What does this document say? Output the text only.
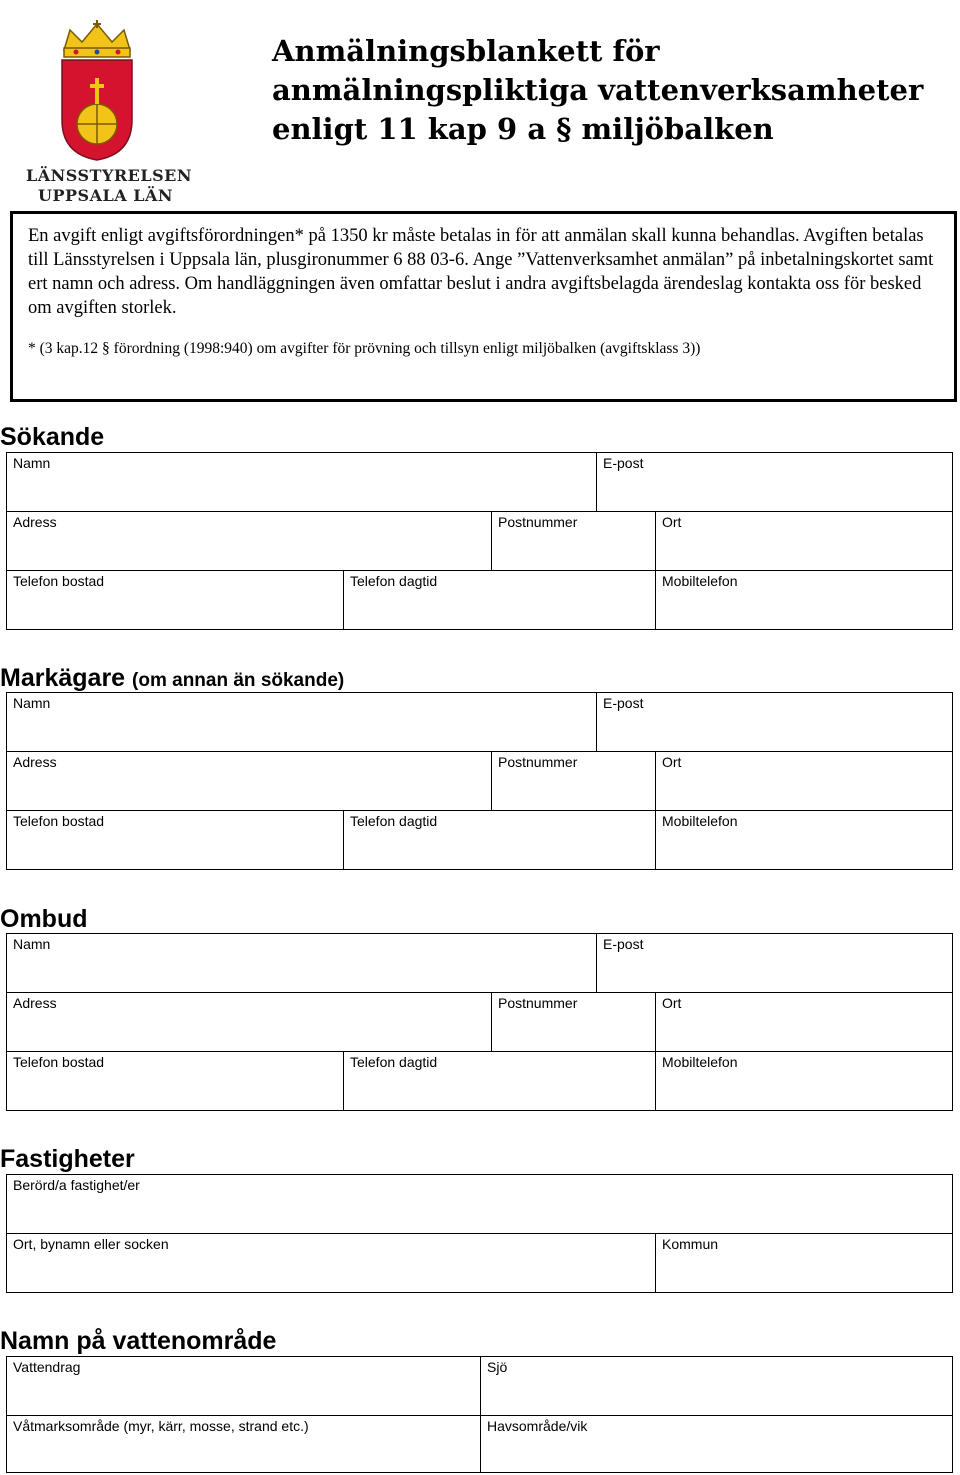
LÄNSSTYRELSEN
UPPSALA LÄN
Anmälningsblankett för anmälningspliktiga vattenverksamheter enligt 11 kap 9 a § miljöbalken

En avgift enligt avgiftsförordningen* på 1350 kr måste betalas in för att anmälan skall kunna behandlas. Avgiften betalas till Länsstyrelsen i Uppsala län, plusgironummer 6 88 03-6. Ange ”Vattenverksamhet anmälan” på inbetalningskortet samt ert namn och adress. Om handläggningen även omfattar beslut i andra avgiftsbelagda ärendeslag kontakta oss för besked om avgiften storlek.

* (3 kap.12 § förordning (1998:940) om avgifter för prövning och tillsyn enligt miljöbalken (avgiftsklass 3))

Sökande
Namn	E-post
Adress	Postnummer	Ort
Telefon bostad	Telefon dagtid	Mobiltelefon
Markägare (om annan än sökande)
Namn	E-post
Adress	Postnummer	Ort
Telefon bostad	Telefon dagtid	Mobiltelefon
Ombud
Namn	E-post
Adress	Postnummer	Ort
Telefon bostad	Telefon dagtid	Mobiltelefon
Fastigheter
Berörd/a fastighet/er
Ort, bynamn eller socken	Kommun
Namn på vattenområde
Vattendrag	Sjö
Våtmarksområde (myr, kärr, mosse, strand etc.)	Havsområde/vik
